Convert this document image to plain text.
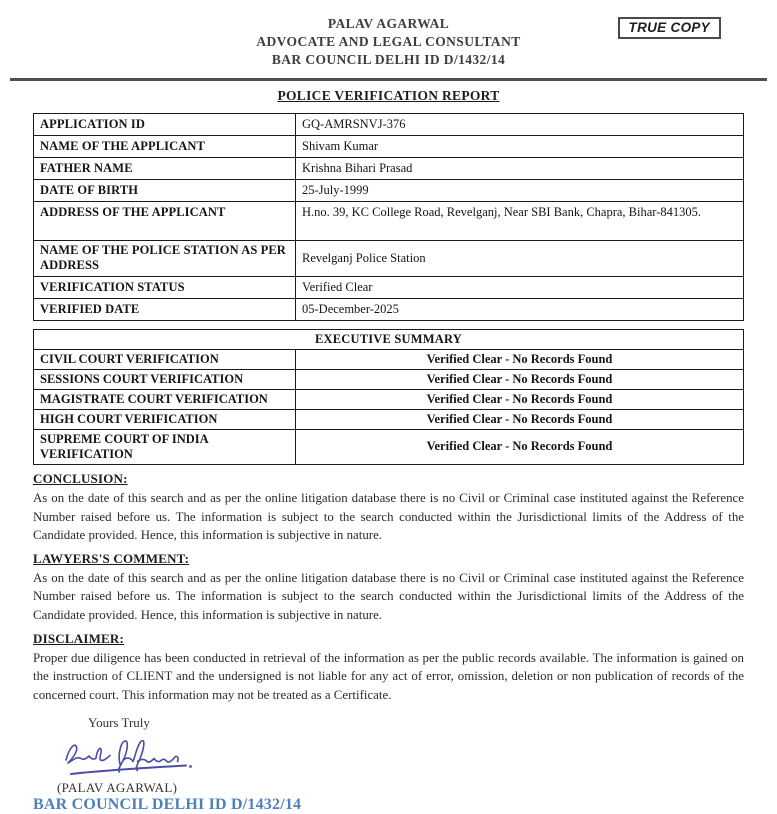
TRUE COPY
PALAV AGARWAL
ADVOCATE AND LEGAL CONSULTANT
BAR COUNCIL DELHI ID D/1432/14
POLICE VERIFICATION REPORT
APPLICATION ID	GQ-AMRSNVJ-376
NAME OF THE APPLICANT	Shivam Kumar
FATHER NAME	Krishna Bihari Prasad
DATE OF BIRTH	25-July-1999
ADDRESS OF THE APPLICANT	H.no. 39, KC College Road, Revelganj, Near SBI Bank, Chapra, Bihar-841305.
NAME OF THE POLICE STATION AS PER ADDRESS	Revelganj Police Station
VERIFICATION STATUS	Verified Clear
VERIFIED DATE	05-December-2025
EXECUTIVE SUMMARY	
CIVIL COURT VERIFICATION	Verified Clear - No Records Found
SESSIONS COURT VERIFICATION	Verified Clear - No Records Found
MAGISTRATE COURT VERIFICATION	Verified Clear - No Records Found
HIGH COURT VERIFICATION	Verified Clear - No Records Found
SUPREME COURT OF INDIA VERIFICATION	Verified Clear - No Records Found
CONCLUSION:

As on the date of this search and as per the online litigation database there is no Civil or Criminal case instituted against the Reference Number raised before us. The information is subject to the search conducted within the Jurisdictional limits of the Address of the Candidate provided. Hence, this information is subjective in nature.

LAWYERS'S COMMENT:

As on the date of this search and as per the online litigation database there is no Civil or Criminal case instituted against the Reference Number raised before us. The information is subject to the search conducted within the Jurisdictional limits of the Address of the Candidate provided. Hence, this information is subjective in nature.

DISCLAIMER:

Proper due diligence has been conducted in retrieval of the information as per the public records available. The information is gained on the instruction of CLIENT and the undersigned is not liable for any act of error, omission, deletion or non publication of records of the concerned court. This information may not be treated as a Certificate.

Yours Truly
(PALAV AGARWAL)
BAR COUNCIL DELHI ID D/1432/14
